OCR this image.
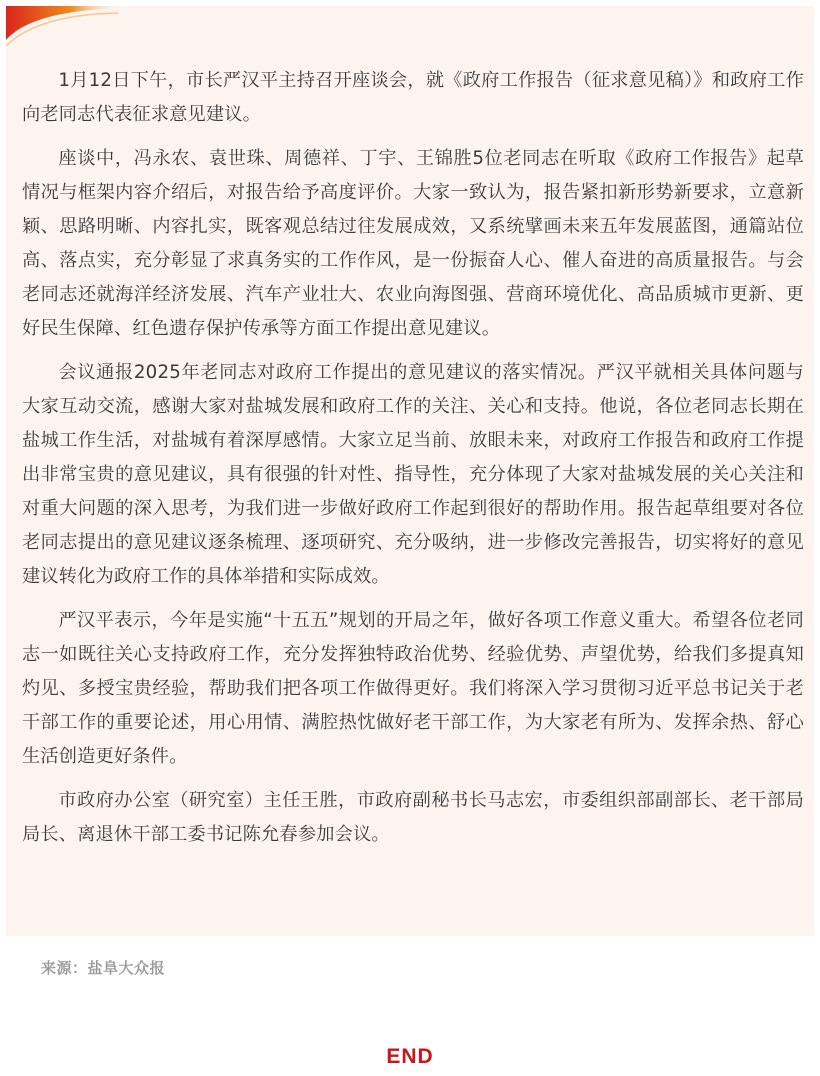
1月12日下午，市长严汉平主持召开座谈会，就《政府工作报告（征求意见稿）》和政府工作向老同志代表征求意见建议。

座谈中，冯永农、袁世珠、周德祥、丁宇、王锦胜5位老同志在听取《政府工作报告》起草情况与框架内容介绍后，对报告给予高度评价。大家一致认为，报告紧扣新形势新要求，立意新颖、思路明晰、内容扎实，既客观总结过往发展成效，又系统擘画未来五年发展蓝图，通篇站位高、落点实，充分彰显了求真务实的工作作风，是一份振奋人心、催人奋进的高质量报告。与会老同志还就海洋经济发展、汽车产业壮大、农业向海图强、营商环境优化、高品质城市更新、更好民生保障、红色遗存保护传承等方面工作提出意见建议。

会议通报2025年老同志对政府工作提出的意见建议的落实情况。严汉平就相关具体问题与大家互动交流，感谢大家对盐城发展和政府工作的关注、关心和支持。他说，各位老同志长期在盐城工作生活，对盐城有着深厚感情。大家立足当前、放眼未来，对政府工作报告和政府工作提出非常宝贵的意见建议，具有很强的针对性、指导性，充分体现了大家对盐城发展的关心关注和对重大问题的深入思考，为我们进一步做好政府工作起到很好的帮助作用。报告起草组要对各位老同志提出的意见建议逐条梳理、逐项研究、充分吸纳，进一步修改完善报告，切实将好的意见建议转化为政府工作的具体举措和实际成效。

严汉平表示，今年是实施“十五五”规划的开局之年，做好各项工作意义重大。希望各位老同志一如既往关心支持政府工作，充分发挥独特政治优势、经验优势、声望优势，给我们多提真知灼见、多授宝贵经验，帮助我们把各项工作做得更好。我们将深入学习贯彻习近平总书记关于老干部工作的重要论述，用心用情、满腔热忱做好老干部工作，为大家老有所为、发挥余热、舒心生活创造更好条件。

市政府办公室（研究室）主任王胜，市政府副秘书长马志宏，市委组织部副部长、老干部局局长、离退休干部工委书记陈允春参加会议。

来源：盐阜大众报
END
